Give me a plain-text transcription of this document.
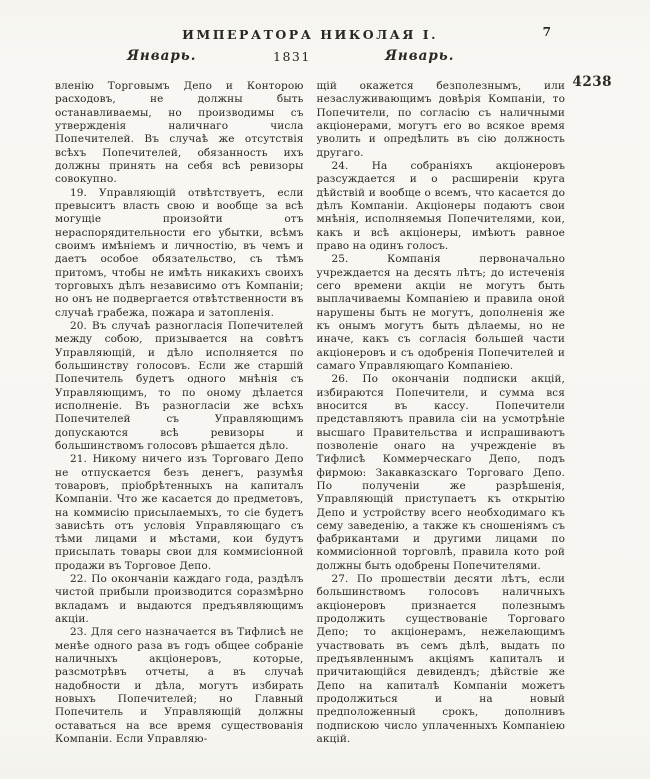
ИМПЕРАТОРА НИКОЛАЯ I.	7
Январь.	1831	Январь.
4238

вленію Торговымъ Депо и Конторою расходовъ, не должны быть останавливаемы, но производимы съ утвержденія наличнаго числа Попечителей. Въ случаѣ же отсутствія всѣхъ Попечителей, обязанность ихъ должны принять на себя всѣ ревизоры совокупно.

19. Управляющій отвѣтствуетъ, если превыситъ власть свою и вообще за всѣ могущіе произойти отъ нераспорядительности его убытки, всѣмъ своимъ имѣніемъ и личностію, въ чемъ и даетъ особое обязательство, съ тѣмъ притомъ, чтобы не имѣть никакихъ своихъ торговыхъ дѣлъ независимо отъ Компаніи; но онъ не подвергается отвѣтственности въ случаѣ грабежа, пожара и затопленія.

20. Въ случаѣ разногласія Попечителей между собою, призывается на совѣтъ Управляющій, и дѣло исполняется по большинству голосовъ. Если же старшій Попечитель будетъ одного мнѣнія съ Управляющимъ, то по оному дѣлается исполненіе. Въ разногласіи же всѣхъ Попечителей съ Управляющимъ допускаются всѣ ревизоры и большинствомъ голосовъ рѣшается дѣло.

21. Никому ничего изъ Торговаго Депо не отпускается безъ денегъ, разумѣя товаровъ, пріобрѣтенныхъ на капиталъ Компаніи. Что же касается до предметовъ, на коммисію присылаемыхъ, то сіе будетъ зависѣть отъ условія Управляющаго съ тѣми лицами и мѣстами, кои будутъ присылать товары свои для коммисіонной продажи въ Торговое Депо.

22. По окончаніи каждаго года, раздѣлъ чистой прибыли производится соразмѣрно вкладамъ и выдаются предъявляющимъ акціи.

23. Для сего назначается въ Тифлисѣ не менѣе одного раза въ годъ общее собраніе наличныхъ акціонеровъ, которые, разсмотрѣвъ отчеты, а въ случаѣ надобности и дѣла, могутъ избирать новыхъ Попечителей; но Главный Попечитель и Управляющій должны оставаться на все время существованія Компаніи. Если Управляю-

щій окажется безполезнымъ, или незаслуживающимъ довѣрія Компаніи, то Попечители, по согласію съ наличными акціонерами, могутъ его во всякое время уволить и опредѣлить въ сію должность другаго.

24. На собраніяхъ акціонеровъ разсуждается и о расширеніи круга дѣйствій и вообще о всемъ, что касается до дѣлъ Компаніи. Акціонеры подаютъ свои мнѣнія, исполняемыя Попечителями, кои, какъ и всѣ акціонеры, имѣютъ равное право на одинъ голосъ.

25. Компанія первоначально учреждается на десять лѣтъ; до истеченія сего времени акціи не могутъ быть выплачиваемы Компаніею и правила оной нарушены быть не могутъ, дополненія же къ онымъ могутъ быть дѣлаемы, но не иначе, какъ съ согласія большей части акціонеровъ и съ одобренія Попечителей и самаго Управляющаго Компаніею.

26. По окончаніи подписки акцій, избираются Попечители, и сумма вся вносится въ кассу. Попечители представляютъ правила сіи на усмотрѣніе высшаго Правительства и испрашиваютъ позволеніе онаго на учрежденіе въ Тифлисѣ Коммерческаго Депо, подъ фирмою: Закавказскаго Торговаго Депо. По полученіи же разрѣшенія, Управляющій приступаетъ къ открытію Депо и устройству всего необходимаго къ сему заведенію, а также къ сношеніямъ съ фабрикантами и другими лицами по коммисіонной торговлѣ, правила кото рой должны быть одобрены Попечителями.

27. По прошествіи десяти лѣтъ, если большинствомъ голосовъ наличныхъ акціонеровъ признается полезнымъ продолжить существованіе Торговаго Депо; то акціонерамъ, нежелающимъ участвовать въ семъ дѣлѣ, выдать по предъявленнымъ акціямъ капиталъ и причитающійся девидендъ; дѣйствіе же Депо на капиталѣ Компаніи можетъ продолжиться и на новый предположенный срокъ, дополнивъ подпискою число уплаченныхъ Компаніею акцій.
